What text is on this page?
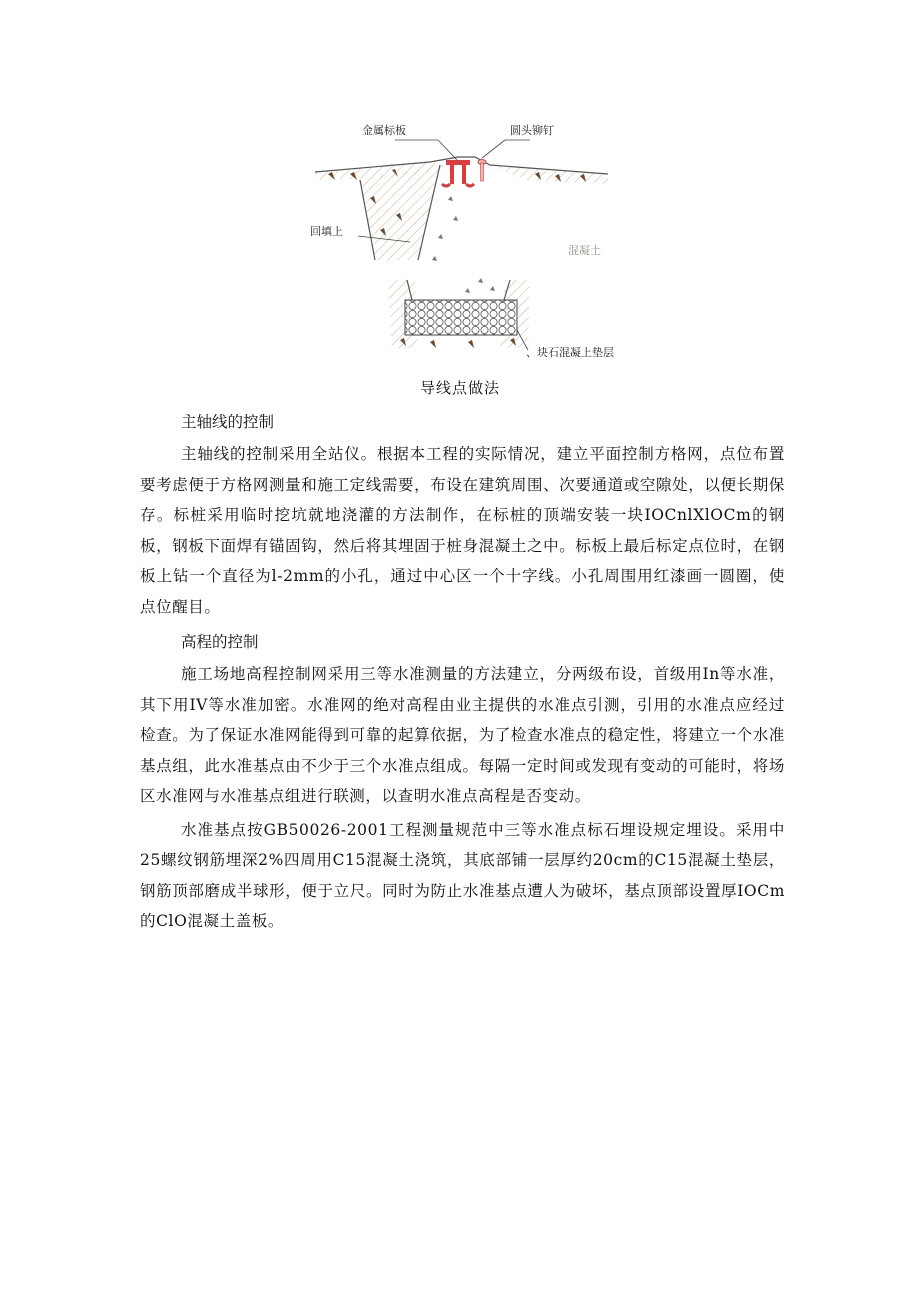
金属标板	圆头铆钉
回填上
混凝土
、块石混凝上垫层
导线点做法

主轴线的控制

主轴线的控制采用全站仪。根据本工程的实际情况，建立平面控制方格网，点位布置要考虑便于方格网测量和施工定线需要，布设在建筑周围、次要通道或空隙处，以便长期保存。标桩采用临时挖坑就地浇灌的方法制作，在标桩的顶端安装一块IOCnlXlOCm的钢板，钢板下面焊有锚固钩，然后将其埋固于桩身混凝土之中。标板上最后标定点位时，在钢板上钻一个直径为l-2mm的小孔，通过中心区一个十字线。小孔周围用红漆画一圆圈，使点位醒目。

高程的控制

施工场地高程控制网采用三等水准测量的方法建立，分两级布设，首级用In等水准，其下用IV等水准加密。水准网的绝对高程由业主提供的水准点引测，引用的水准点应经过检查。为了保证水准网能得到可靠的起算依据，为了检查水准点的稳定性，将建立一个水准基点组，此水准基点由不少于三个水准点组成。每隔一定时间或发现有变动的可能时，将场区水准网与水准基点组进行联测，以查明水准点高程是否变动。

水准基点按GB50026-2001工程测量规范中三等水准点标石埋设规定埋设。采用中25螺纹钢筋埋深2%四周用C15混凝土浇筑，其底部铺一层厚约20cm的C15混凝土垫层，钢筋顶部磨成半球形，便于立尺。同时为防止水准基点遭人为破坏，基点顶部设置厚IOCm的ClO混凝土盖板。
